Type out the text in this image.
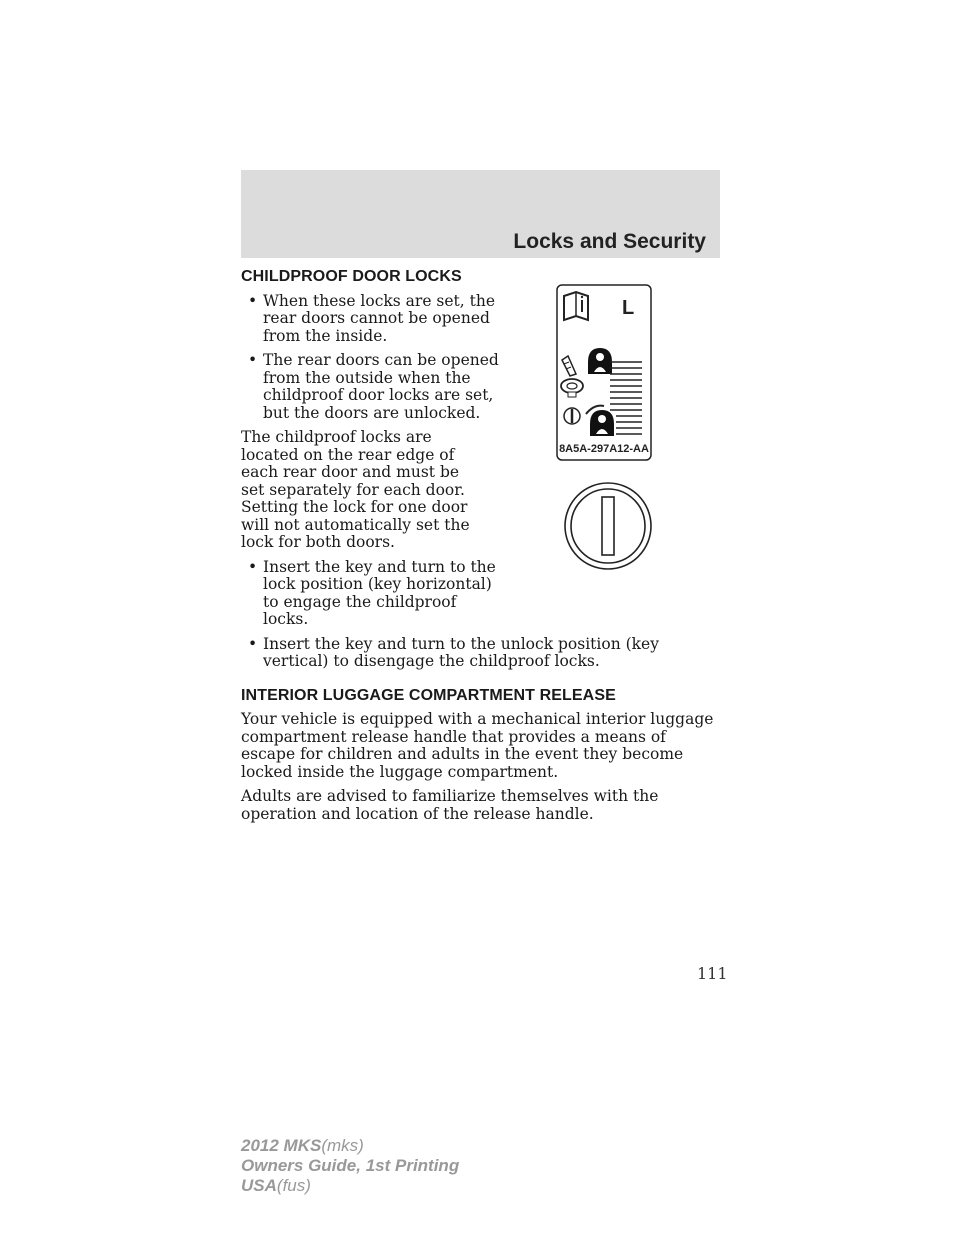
Locks and Security
CHILDPROOF DOOR LOCKS
• When these locks are set, the rear doors cannot be opened from the inside.
• The rear doors can be opened from the outside when the childproof door locks are set, but the doors are unlocked.

The childproof locks are located on the rear edge of each rear door and must be set separately for each door. Setting the lock for one door will not automatically set the lock for both doors.

• Insert the key and turn to the lock position (key horizontal) to engage the childproof locks.
• Insert the key and turn to the unlock position (key vertical) to disengage the childproof locks.
INTERIOR LUGGAGE COMPARTMENT RELEASE

Your vehicle is equipped with a mechanical interior luggage compartment release handle that provides a means of escape for children and adults in the event they become locked inside the luggage compartment.

Adults are advised to familiarize themselves with the operation and location of the release handle.

L
8A5A-297A12-AA
111
2012 MKS(mks)
Owners Guide, 1st Printing
USA(fus)
